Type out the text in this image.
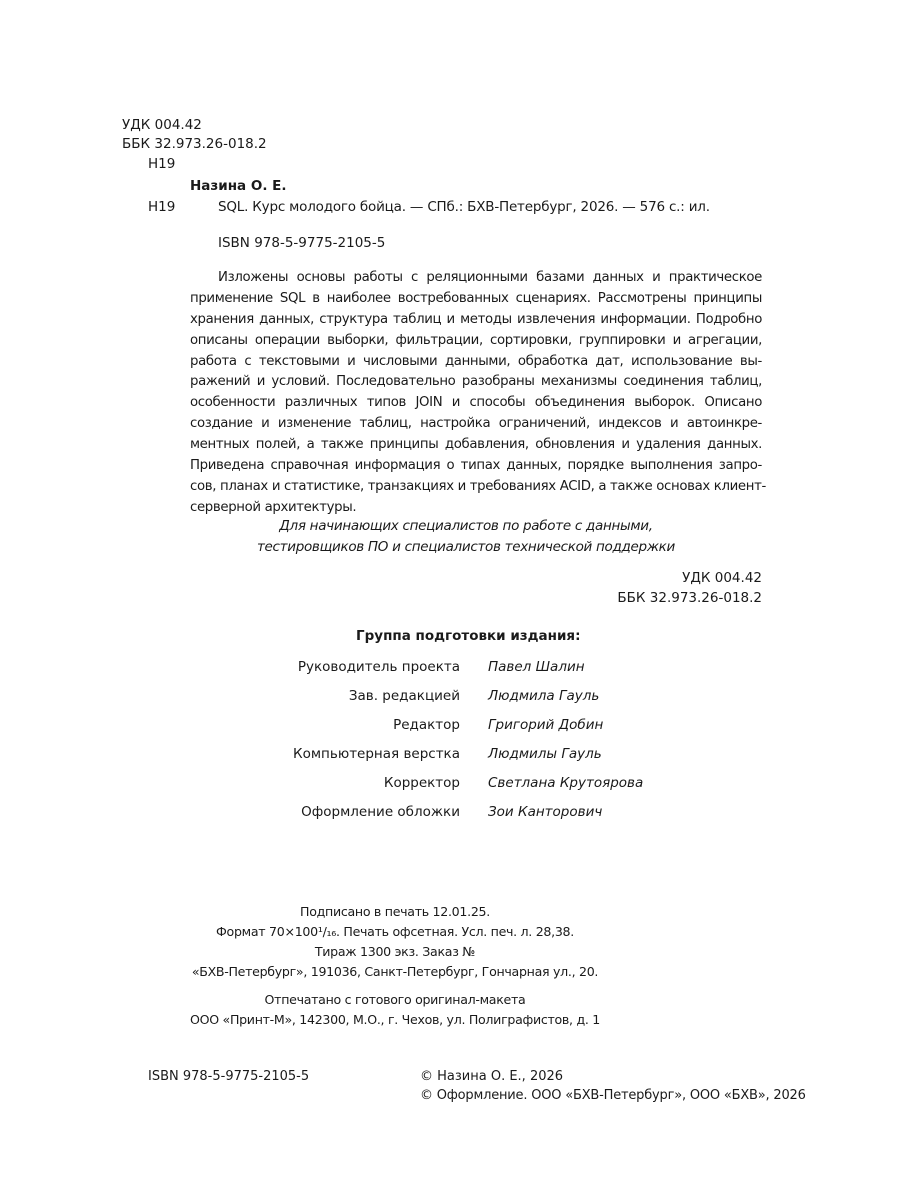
УДК 004.42
ББК 32.973.26-018.2
Н19
Назина О. Е.
Н19	SQL. Курс молодого бойца. — СПб.: БХВ-Петербург, 2026. — 576 с.: ил.
ISBN 978-5-9775-2105-5
Изложены основы работы с реляционными базами данных и практическое
применение SQL в наиболее востребованных сценариях. Рассмотрены принципы
хранения данных, структура таблиц и методы извлечения информации. Подробно
описаны операции выборки, фильтрации, сортировки, группировки и агрегации,
работа с текстовыми и числовыми данными, обработка дат, использование вы-
ражений и условий. Последовательно разобраны механизмы соединения таблиц,
особенности различных типов JOIN и способы объединения выборок. Описано
создание и изменение таблиц, настройка ограничений, индексов и автоинкре-
ментных полей, а также принципы добавления, обновления и удаления данных.
Приведена справочная информация о типах данных, порядке выполнения запро-
сов, планах и статистике, транзакциях и требованиях ACID, а также основах клиент-
серверной архитектуры.
Для начинающих специалистов по работе с данными,
тестировщиков ПО и специалистов технической поддержки
УДК 004.42
ББК 32.973.26-018.2
Группа подготовки издания:
Руководитель проекта Павел Шалин
Зав. редакцией Людмила Гауль
Редактор Григорий Добин
Компьютерная верстка Людмилы Гауль
Корректор Светлана Крутоярова
Оформление обложки Зои Канторович
Подписано в печать 12.01.25.
Формат 70×100¹/₁₆. Печать офсетная. Усл. печ. л. 28,38.
Тираж 1300 экз. Заказ №
«БХВ-Петербург», 191036, Санкт-Петербург, Гончарная ул., 20.
Отпечатано с готового оригинал-макета
ООО «Принт-М», 142300, М.О., г. Чехов, ул. Полиграфистов, д. 1
ISBN 978-5-9775-2105-5	© Назина О. Е., 2026
© Оформление. ООО «БХВ-Петербург», ООО «БХВ», 2026
